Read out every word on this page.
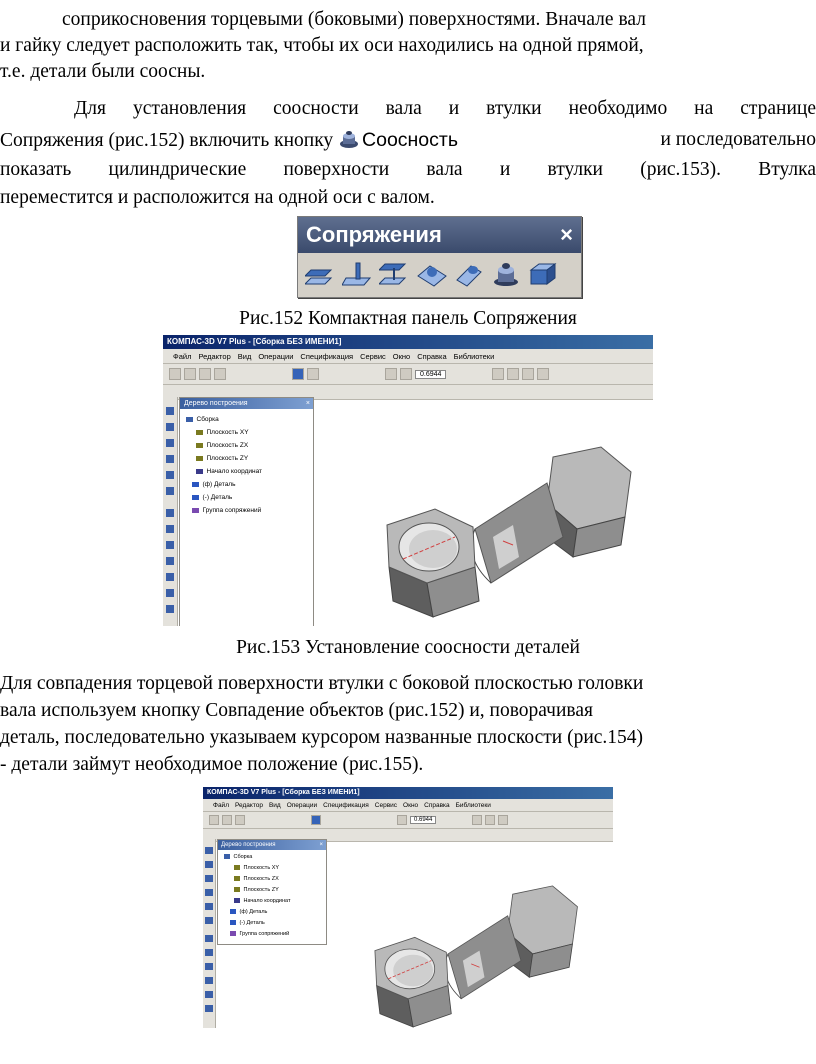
соприкосновения торцевыми (боковыми) поверхностями. Вначале вал
и гайку следует расположить так, чтобы их оси находились на одной прямой,
т.е. детали были соосны.
Для установления соосности вала и втулки необходимо на странице
Сопряжения (рис.152) включить кнопку Соосность	и последовательно
показать цилиндрические поверхности вала и втулки (рис.153). Втулка
переместится и расположится на одной оси с валом.
Сопряжения	×
Рис.152 Компактная панель Сопряжения
КОМПАС-3D V7 Plus - [Сборка БЕЗ ИМЕНИ1]
Файл Редактор Вид Операции Спецификация Сервис Окно Справка Библиотеки
0.6944
Дерево построения	×
Сборка
Плоскость XY
Плоскость ZX
Плоскость ZY
Начало координат
(ф) Деталь
(-) Деталь
Группа сопряжений
Рис.153 Установление соосности деталей
Для совпадения торцевой поверхности втулки с боковой плоскостью головки
вала используем кнопку Совпадение объектов (рис.152) и, поворачивая
деталь, последовательно указываем курсором названные плоскости (рис.154)
- детали займут необходимое положение (рис.155).
КОМПАС-3D V7 Plus - [Сборка БЕЗ ИМЕНИ1]
Файл Редактор Вид Операции Спецификация Сервис Окно Справка Библиотеки
0.6944
Дерево построения	×
Сборка
Плоскость XY
Плоскость ZX
Плоскость ZY
Начало координат
(ф) Деталь
(-) Деталь
Группа сопряжений
